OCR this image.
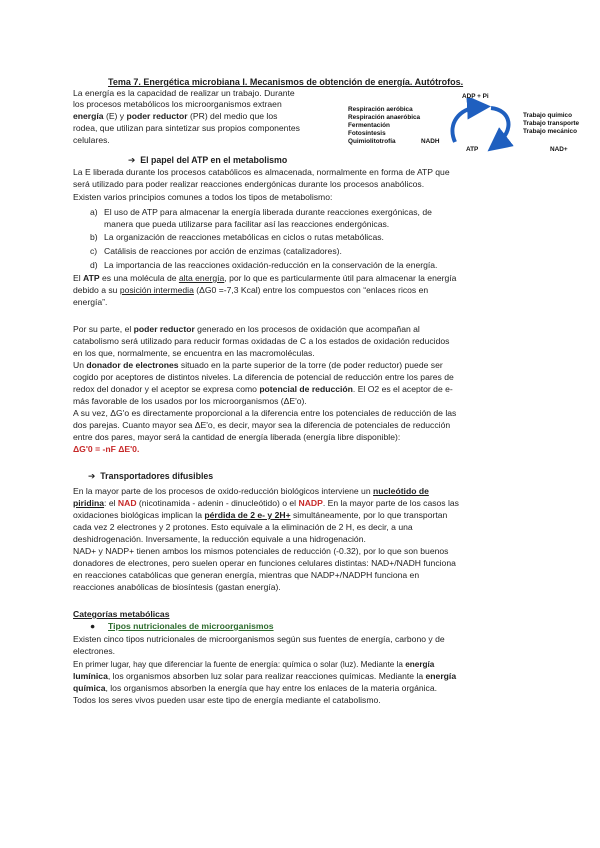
Tema 7. Energética microbiana I. Mecanismos de obtención de energía. Autótrofos.
La energía es la capacidad de realizar un trabajo. Durante
los procesos metabólicos los microorganismos extraen
energía (E) y poder reductor (PR) del medio que los
rodea, que utilizan para sintetizar sus propios componentes
celulares.
Respiración aeróbica
Respiración anaeróbica
Fermentación
Fotosíntesis
Quimiolitotrofía
ADP + Pi
ATP
NADH
Trabajo químico
Trabajo transporte
Trabajo mecánico
NAD+
➔ El papel del ATP en el metabolismo
La E liberada durante los procesos catabólicos es almacenada, normalmente en forma de ATP que
será utilizado para poder realizar reacciones endergónicas durante los procesos anabólicos.
Existen varios principios comunes a todos los tipos de metabolismo:
a) El uso de ATP para almacenar la energía liberada durante reacciones exergónicas, de
manera que pueda utilizarse para facilitar así las reacciones endergónicas.
b) La organización de reacciones metabólicas en ciclos o rutas metabólicas.
c) Catálisis de reacciones por acción de enzimas (catalizadores).
d) La importancia de las reacciones oxidación-reducción en la conservación de la energía.
El ATP es una molécula de alta energía, por lo que es particularmente útil para almacenar la energía
debido a su posición intermedia (ΔG0 =-7,3 Kcal) entre los compuestos con “enlaces ricos en
energía”.
Por su parte, el poder reductor generado en los procesos de oxidación que acompañan al
catabolismo será utilizado para reducir formas oxidadas de C a los estados de oxidación reducidos
en los que, normalmente, se encuentra en las macromoléculas.
Un donador de electrones situado en la parte superior de la torre (de poder reductor) puede ser
cogido por aceptores de distintos niveles. La diferencia de potencial de reducción entre los pares de
redox del donador y el aceptor se expresa como potencial de reducción. El O2 es el aceptor de e-
más favorable de los usados por los microorganismos (ΔE'o).
A su vez, ΔG'o es directamente proporcional a la diferencia entre los potenciales de reducción de las
dos parejas. Cuanto mayor sea ΔE'o, es decir, mayor sea la diferencia de potenciales de reducción
entre dos pares, mayor será la cantidad de energía liberada (energía libre disponible):
ΔG'0 = -nF ΔE'0.
➔ Transportadores difusibles
En la mayor parte de los procesos de oxido-reducción biológicos interviene un nucleótido de
piridina: el NAD (nicotinamida - adenin - dinucleótido) o el NADP. En la mayor parte de los casos las
oxidaciones biológicas implican la pérdida de 2 e- y 2H+ simultáneamente, por lo que transportan
cada vez 2 electrones y 2 protones. Esto equivale a la eliminación de 2 H, es decir, a una
deshidrogenación. Inversamente, la reducción equivale a una hidrogenación.
NAD+ y NADP+ tienen ambos los mismos potenciales de reducción (-0.32), por lo que son buenos
donadores de electrones, pero suelen operar en funciones celulares distintas: NAD+/NADH funciona
en reacciones catabólicas que generan energía, mientras que NADP+/NADPH funciona en
reacciones anabólicas de biosíntesis (gastan energía).
Categorías metabólicas
● Tipos nutricionales de microorganismos
Existen cinco tipos nutricionales de microorganismos según sus fuentes de energía, carbono y de
electrones.
En primer lugar, hay que diferenciar la fuente de energía: química o solar (luz). Mediante la energía
lumínica, los organismos absorben luz solar para realizar reacciones químicas. Mediante la energía
química, los organismos absorben la energía que hay entre los enlaces de la materia orgánica.
Todos los seres vivos pueden usar este tipo de energía mediante el catabolismo.
